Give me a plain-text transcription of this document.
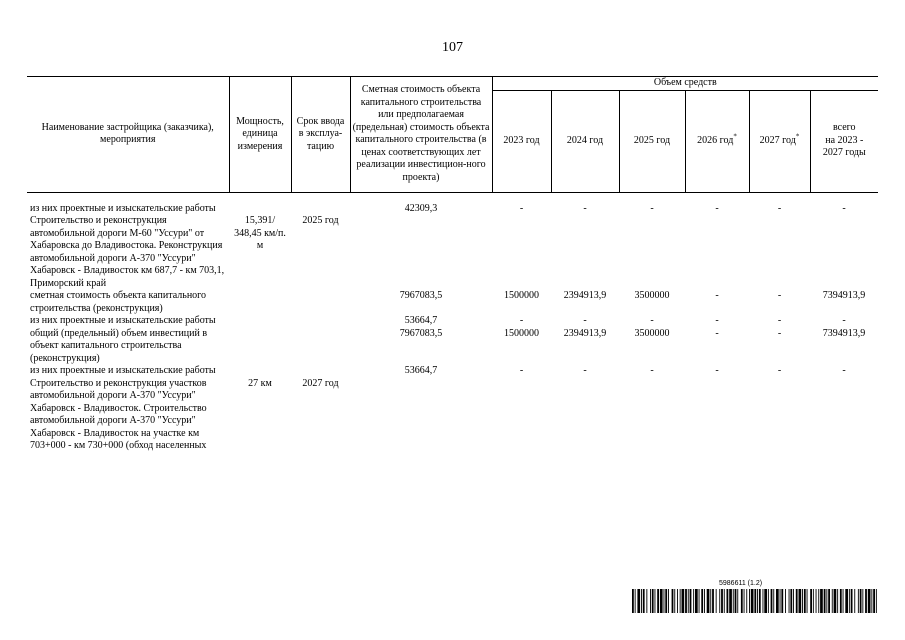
107
Наименование застройщика (заказчика), мероприятия	Мощность, единица измерения	Срок ввода в эксплуа-тацию	Сметная стоимость объекта капитального строительства или предполагаемая (предельная) стоимость объекта капитального строительства (в ценах соответствующих лет реализации инвестицион-ного проекта)	Объем средств					
				2023 год	2024 год	2025 год	2026 год*	2027 год*	всего
на 2023 -
2027 годы

из них проектные и изыскательские работы			42309,3	-	-	-	-	-	-
Строительство и реконструкция автомобильной дороги М-60 "Уссури" от Хабаровска до Владивостока. Реконструкция автомобильной дороги А-370 "Уссури" Хабаровск - Владивосток км 687,7 - км 703,1, Приморский край	15,391/ 348,45 км/п. м	2025 год							
сметная стоимость объекта капитального строительства (реконструкция)			7967083,5	1500000	2394913,9	3500000	-	-	7394913,9
из них проектные и изыскательские работы			53664,7	-	-	-	-	-	-
общий (предельный) объем инвестиций в объект капитального строительства (реконструкция)			7967083,5	1500000	2394913,9	3500000	-	-	7394913,9
из них проектные и изыскательские работы			53664,7	-	-	-	-	-	-
Строительство и реконструкция участков автомобильной дороги А-370 "Уссури" Хабаровск - Владивосток. Строительство автомобильной дороги А-370 "Уссури" Хабаровск - Владивосток на участке км 703+000 - км 730+000 (обход населенных	27 км	2027 год							
5986611 (1.2)
